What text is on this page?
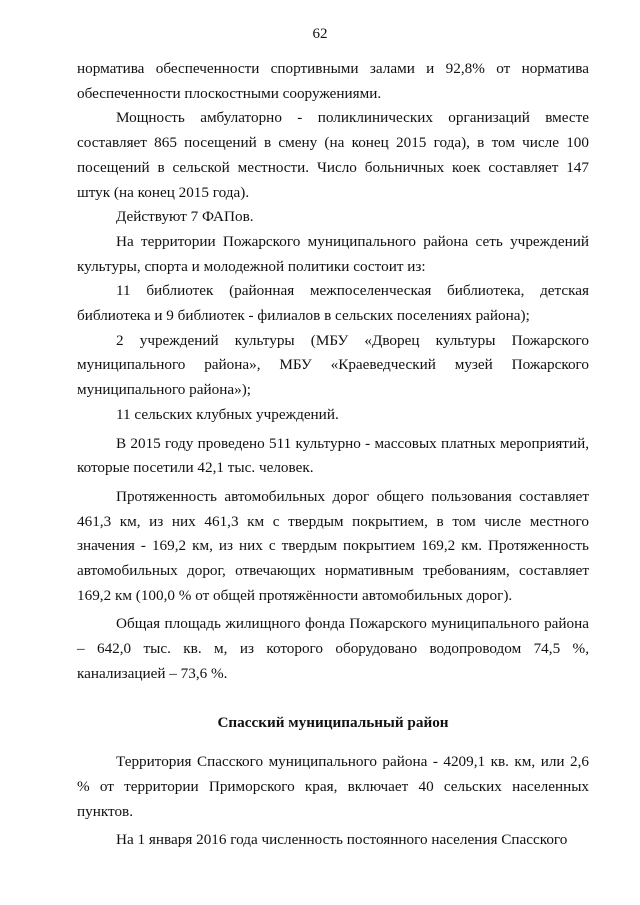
62

норматива обеспеченности спортивными залами и 92,8% от норматива обеспеченности плоскостными сооружениями.

Мощность амбулаторно - поликлинических организаций вместе составляет 865 посещений в смену (на конец 2015 года), в том числе 100 посещений в сельской местности. Число больничных коек составляет 147 штук (на конец 2015 года).

Действуют 7 ФАПов.

На территории Пожарского муниципального района сеть учреждений культуры, спорта и молодежной политики состоит из:

11 библиотек (районная межпоселенческая библиотека, детская библиотека и 9 библиотек - филиалов в сельских поселениях района);

2 учреждений культуры (МБУ «Дворец культуры Пожарского муниципального района», МБУ «Краеведческий музей Пожарского муниципального района»);

11 сельских клубных учреждений.

В 2015 году проведено 511 культурно - массовых платных мероприятий, которые посетили 42,1 тыс. человек.

Протяженность автомобильных дорог общего пользования составляет 461,3 км, из них 461,3 км с твердым покрытием, в том числе местного значения - 169,2 км, из них с твердым покрытием 169,2 км. Протяженность автомобильных дорог, отвечающих нормативным требованиям, составляет 169,2 км (100,0 % от общей протяжённости автомобильных дорог).

Общая площадь жилищного фонда Пожарского муниципального района – 642,0 тыс. кв. м, из которого оборудовано водопроводом 74,5 %, канализацией – 73,6 %.

Спасский муниципальный район

Территория Спасского муниципального района - 4209,1 кв. км, или 2,6 % от территории Приморского края, включает 40 сельских населенных пунктов.

На 1 января 2016 года численность постоянного населения Спасского
